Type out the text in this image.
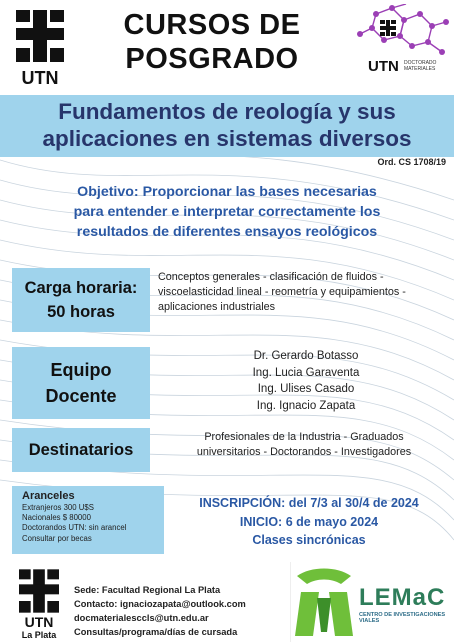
UTN
CURSOS DE
POSGRADO	UTN DOCTORADO MATERIALES
Fundamentos de reología y sus
aplicaciones en sistemas diversos
Ord. CS 1708/19
Objetivo: Proporcionar las bases necesarias
para entender e interpretar correctamente los
resultados de diferentes ensayos reológicos
Carga horaria:
50 horas
Conceptos generales - clasificación de fluidos -
viscoelasticidad lineal - reometría y equipamientos -
aplicaciones industriales
Equipo
Docente
Dr. Gerardo Botasso
Ing. Lucia Garaventa
Ing. Ulises Casado
Ing. Ignacio Zapata
Destinatarios
Profesionales de la Industria - Graduados
universitarios - Doctorandos - Investigadores
Aranceles
Extranjeros 300 U$S
Nacionales $ 80000
Doctorandos UTN: sin arancel
Consultar por becas
INSCRIPCIÓN: del 7/3 al 30/4 de 2024
INICIO: 6 de mayo 2024
Clases sincrónicas
UTN
La Plata
Sede: Facultad Regional La Plata
Contacto: ignaciozapata@outlook.com
docmaterialesccls@utn.edu.ar
Consultas/programa/días de cursada
LEMaC
CENTRO DE INVESTIGACIONES VIALES
